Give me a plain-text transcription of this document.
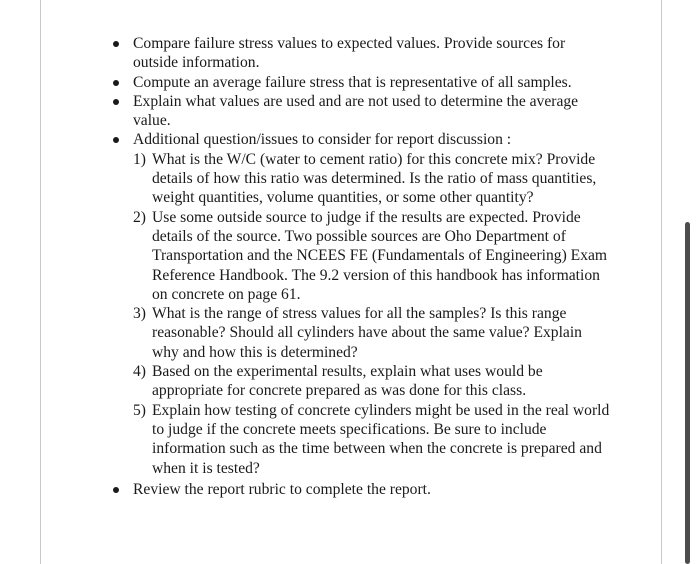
Compare failure stress values to expected values. Provide sources for outside information.
Compute an average failure stress that is representative of all samples.
Explain what values are used and are not used to determine the average value.
Additional question/issues to consider for report discussion :
1) What is the W/C (water to cement ratio) for this concrete mix? Provide details of how this ratio was determined. Is the ratio of mass quantities, weight quantities, volume quantities, or some other quantity?
2) Use some outside source to judge if the results are expected. Provide details of the source. Two possible sources are Oho Department of Transportation and the NCEES FE (Fundamentals of Engineering) Exam Reference Handbook. The 9.2 version of this handbook has information on concrete on page 61.
3) What is the range of stress values for all the samples? Is this range reasonable? Should all cylinders have about the same value? Explain why and how this is determined?
4) Based on the experimental results, explain what uses would be appropriate for concrete prepared as was done for this class.
5) Explain how testing of concrete cylinders might be used in the real world to judge if the concrete meets specifications. Be sure to include information such as the time between when the concrete is prepared and when it is tested?
Review the report rubric to complete the report.
